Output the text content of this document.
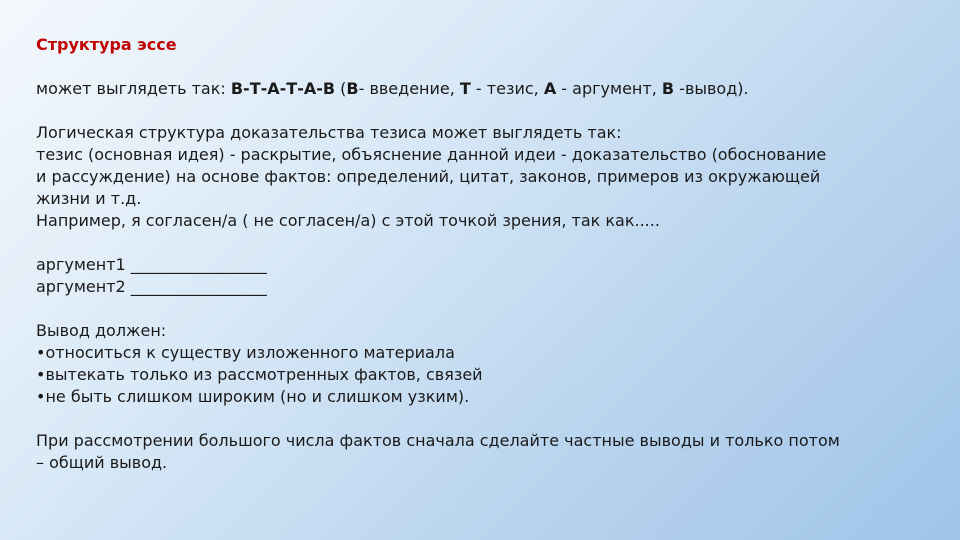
Структура эссе

может выглядеть так: В-Т-А-Т-А-В (В- введение, Т - тезис, А - аргумент, В -вывод).

Логическая структура доказательства тезиса может выглядеть так:

тезис (основная идея) - раскрытие, объяснение данной идеи - доказательство (обоснование

и рассуждение) на основе фактов: определений, цитат, законов, примеров из окружающей

жизни и т.д.

Например, я согласен/а ( не согласен/а) с этой точкой зрения, так как.....

аргумент1 _________________

аргумент2 _________________

Вывод должен:

•относиться к существу изложенного материала
•вытекать только из рассмотренных фактов, связей
•не быть слишком широким (но и слишком узким).

При рассмотрении большого числа фактов сначала сделайте частные выводы и только потом

– общий вывод.
